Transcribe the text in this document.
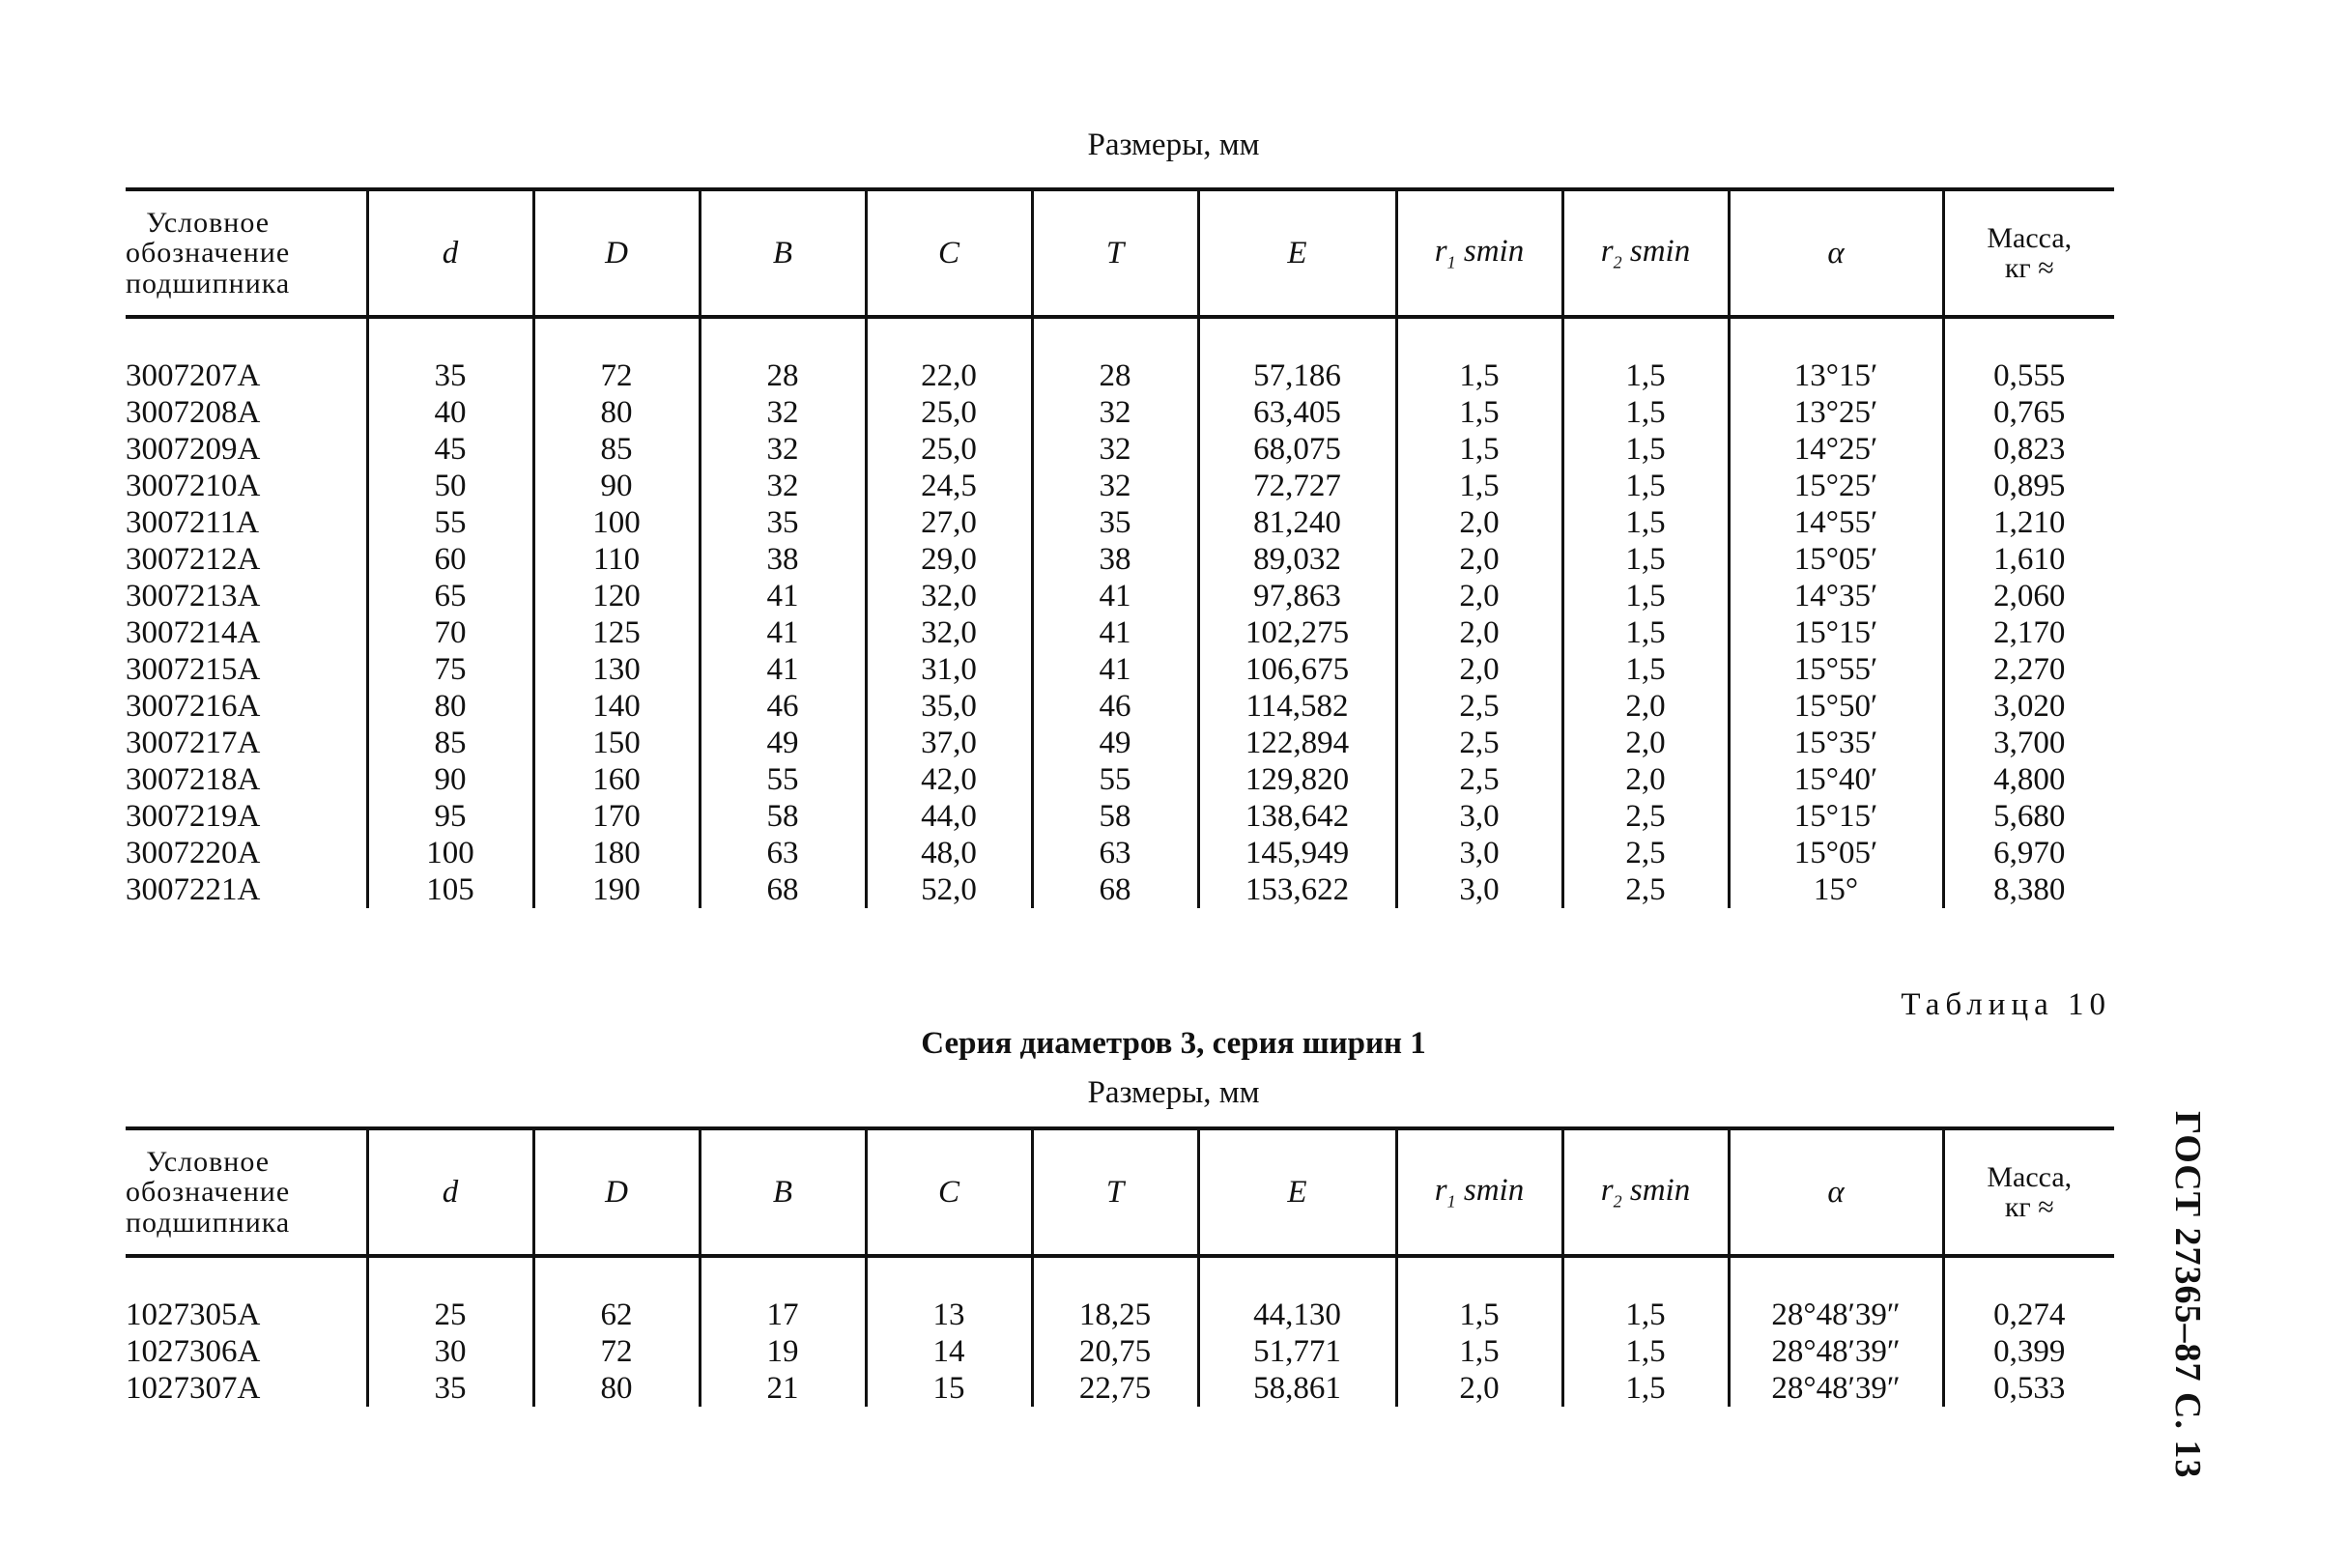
Размеры, мм
Условное
обозначение
подшипника	d	D	B	C	T	E	$r_1$ smin	$r_2$ smin	α	Масса,
кг ≈

3007207А	35	72	28	22,0	28	57,186	1,5	1,5	13°15′	0,555
3007208А	40	80	32	25,0	32	63,405	1,5	1,5	13°25′	0,765
3007209А	45	85	32	25,0	32	68,075	1,5	1,5	14°25′	0,823
3007210А	50	90	32	24,5	32	72,727	1,5	1,5	15°25′	0,895
3007211А	55	100	35	27,0	35	81,240	2,0	1,5	14°55′	1,210
3007212А	60	110	38	29,0	38	89,032	2,0	1,5	15°05′	1,610
3007213А	65	120	41	32,0	41	97,863	2,0	1,5	14°35′	2,060
3007214А	70	125	41	32,0	41	102,275	2,0	1,5	15°15′	2,170
3007215А	75	130	41	31,0	41	106,675	2,0	1,5	15°55′	2,270
3007216А	80	140	46	35,0	46	114,582	2,5	2,0	15°50′	3,020
3007217А	85	150	49	37,0	49	122,894	2,5	2,0	15°35′	3,700
3007218А	90	160	55	42,0	55	129,820	2,5	2,0	15°40′	4,800
3007219А	95	170	58	44,0	58	138,642	3,0	2,5	15°15′	5,680
3007220А	100	180	63	48,0	63	145,949	3,0	2,5	15°05′	6,970
3007221А	105	190	68	52,0	68	153,622	3,0	2,5	15°	8,380
Таблица 10
Серия диаметров 3, серия ширин 1
Размеры, мм
Условное
обозначение
подшипника	d	D	B	C	T	E	$r_1$ smin	$r_2$ smin	α	Масса,
кг ≈

1027305А	25	62	17	13	18,25	44,130	1,5	1,5	28°48′39″	0,274
1027306А	30	72	19	14	20,75	51,771	1,5	1,5	28°48′39″	0,399
1027307А	35	80	21	15	22,75	58,861	2,0	1,5	28°48′39″	0,533	ГОСТ 27365–87 С. 13
